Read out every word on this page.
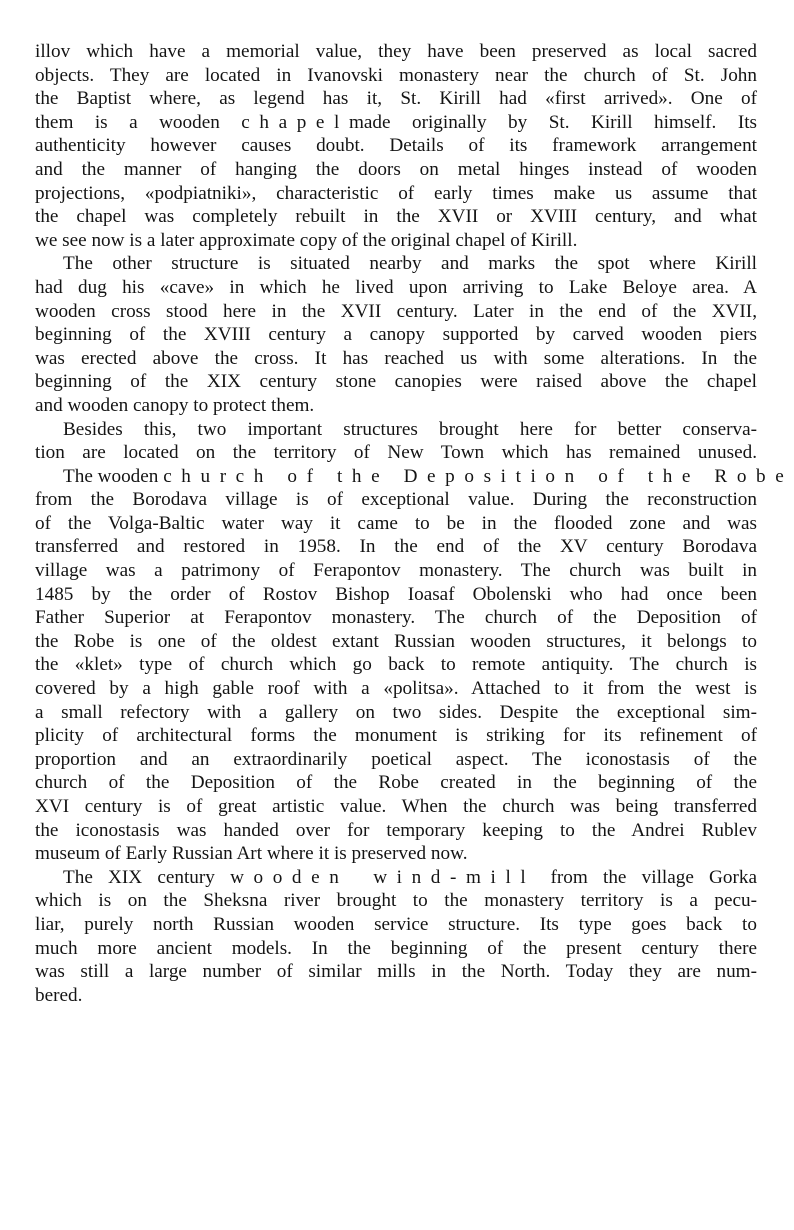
illov which have a memorial value, they have been preserved as local sacred
objects. They are located in Ivanovski monastery near the church of St. John
the Baptist where, as legend has it, St. Kirill had «first arrived». One of
them is a wooden chapelmade originally by St. Kirill himself. Its
authenticity however causes doubt. Details of its framework arrangement
and the manner of hanging the doors on metal hinges instead of wooden
projections, «podpiatniki», characteristic of early times make us assume that
the chapel was completely rebuilt in the XVII or XVIII century, and what
we see now is a later approximate copy of the original chapel of Kirill.

The other structure is situated nearby and marks the spot where Kirill
had dug his «cave» in which he lived upon arriving to Lake Beloye area. A
wooden cross stood here in the XVII century. Later in the end of the XVII,
beginning of the XVIII century a canopy supported by carved wooden piers
was erected above the cross. It has reached us with some alterations. In the
beginning of the XIX century stone canopies were raised above the chapel
and wooden canopy to protect them.

Besides this, two important structures brought here for better conserva-
tion are located on the territory of New Town which has remained unused.

The wooden church of the Deposition of the Robe
from the Borodava village is of exceptional value. During the reconstruction
of the Volga-Baltic water way it came to be in the flooded zone and was
transferred and restored in 1958. In the end of the XV century Borodava
village was a patrimony of Ferapontov monastery. The church was built in
1485 by the order of Rostov Bishop Ioasaf Obolenski who had once been
Father Superior at Ferapontov monastery. The church of the Deposition of
the Robe is one of the oldest extant Russian wooden structures, it belongs to
the «klet» type of church which go back to remote antiquity. The church is
covered by a high gable roof with a «politsa». Attached to it from the west is
a small refectory with a gallery on two sides. Despite the exceptional sim-
plicity of architectural forms the monument is striking for its refinement of
proportion and an extraordinarily poetical aspect. The iconostasis of the
church of the Deposition of the Robe created in the beginning of the
XVI century is of great artistic value. When the church was being transferred
the iconostasis was handed over for temporary keeping to the Andrei Rublev
museum of Early Russian Art where it is preserved now.

The XIX century wooden wind-mill from the village Gorka
which is on the Sheksna river brought to the monastery territory is a pecu-
liar, purely north Russian wooden service structure. Its type goes back to
much more ancient models. In the beginning of the present century there
was still a large number of similar mills in the North. Today they are num-
bered.
